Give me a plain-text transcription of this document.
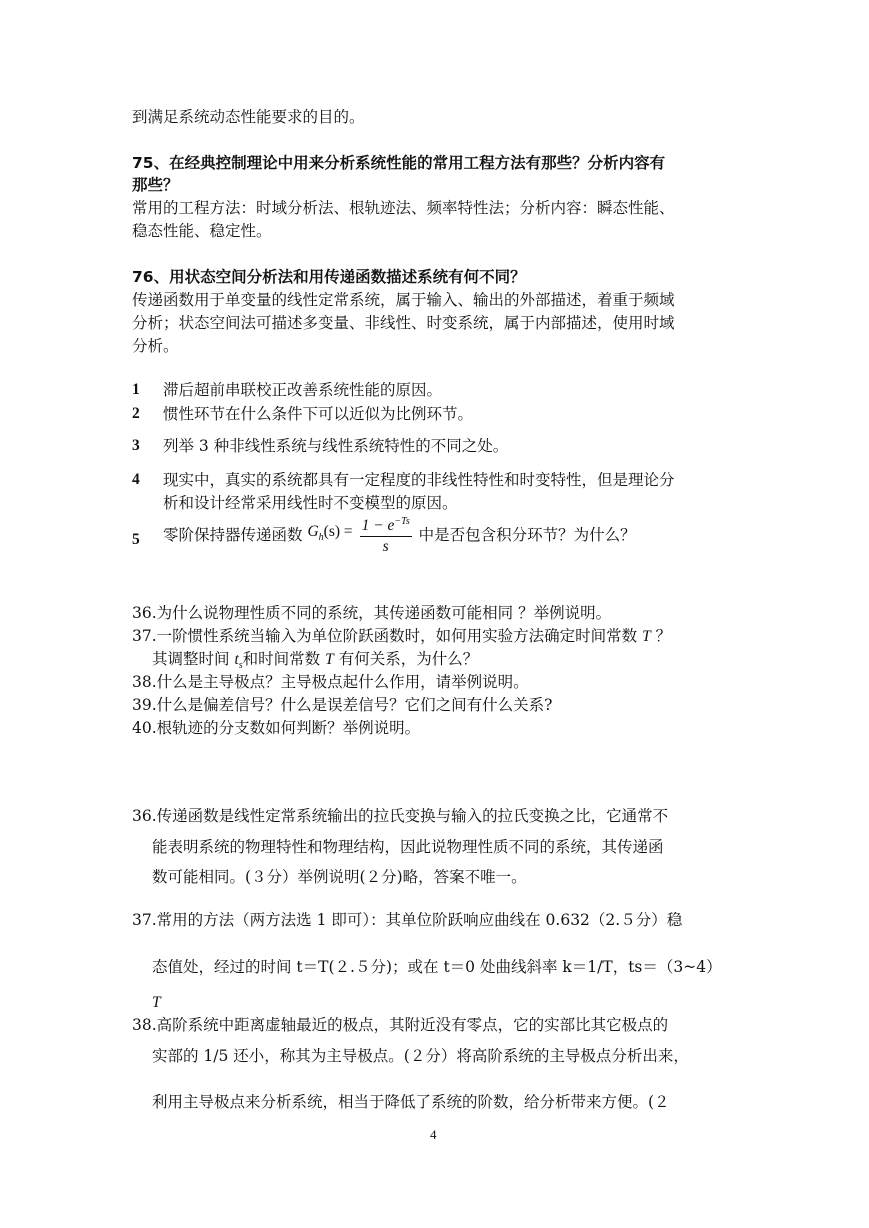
到满足系统动态性能要求的目的。
75、在经典控制理论中用来分析系统性能的常用工程方法有那些？分析内容有
那些？
常用的工程方法：时域分析法、根轨迹法、频率特性法；分析内容：瞬态性能、
稳态性能、稳定性。
76、用状态空间分析法和用传递函数描述系统有何不同？
传递函数用于单变量的线性定常系统，属于输入、输出的外部描述，着重于频域
分析；状态空间法可描述多变量、非线性、时变系统，属于内部描述，使用时域
分析。
1 滞后超前串联校正改善系统性能的原因。
2 惯性环节在什么条件下可以近似为比例环节。
3 列举 3 种非线性系统与线性系统特性的不同之处。
4 现实中，真实的系统都具有一定程度的非线性特性和时变特性，但是理论分
析和设计经常采用线性时不变模型的原因。
5 零阶保持器传递函数 $G_h(s) = \frac{1 - e^{-Ts}}{s}$ 中是否包含积分环节？为什么？
36.为什么说物理性质不同的系统，其传递函数可能相同 ？举例说明。
37.一阶惯性系统当输入为单位阶跃函数时，如何用实验方法确定时间常数 T ？
其调整时间 $t_s$和时间常数 T 有何关系，为什么？
38.什么是主导极点？主导极点起什么作用，请举例说明。
39.什么是偏差信号？什么是误差信号？它们之间有什么关系?
40.根轨迹的分支数如何判断？举例说明。
36.传递函数是线性定常系统输出的拉氏变换与输入的拉氏变换之比，它通常不
能表明系统的物理特性和物理结构，因此说物理性质不同的系统，其传递函
数可能相同。(３分）举例说明(２分)略，答案不唯一。
37.常用的方法（两方法选 1 即可）：其单位阶跃响应曲线在 0.632（2.５分）稳
态值处，经过的时间 t＝T(２.５分)；或在 t＝0 处曲线斜率 k＝1/T，ts＝（3~4）
T
38.高阶系统中距离虚轴最近的极点，其附近没有零点，它的实部比其它极点的
实部的 1/5 还小，称其为主导极点。(２分）将高阶系统的主导极点分析出来，
利用主导极点来分析系统，相当于降低了系统的阶数，给分析带来方便。(２
4
